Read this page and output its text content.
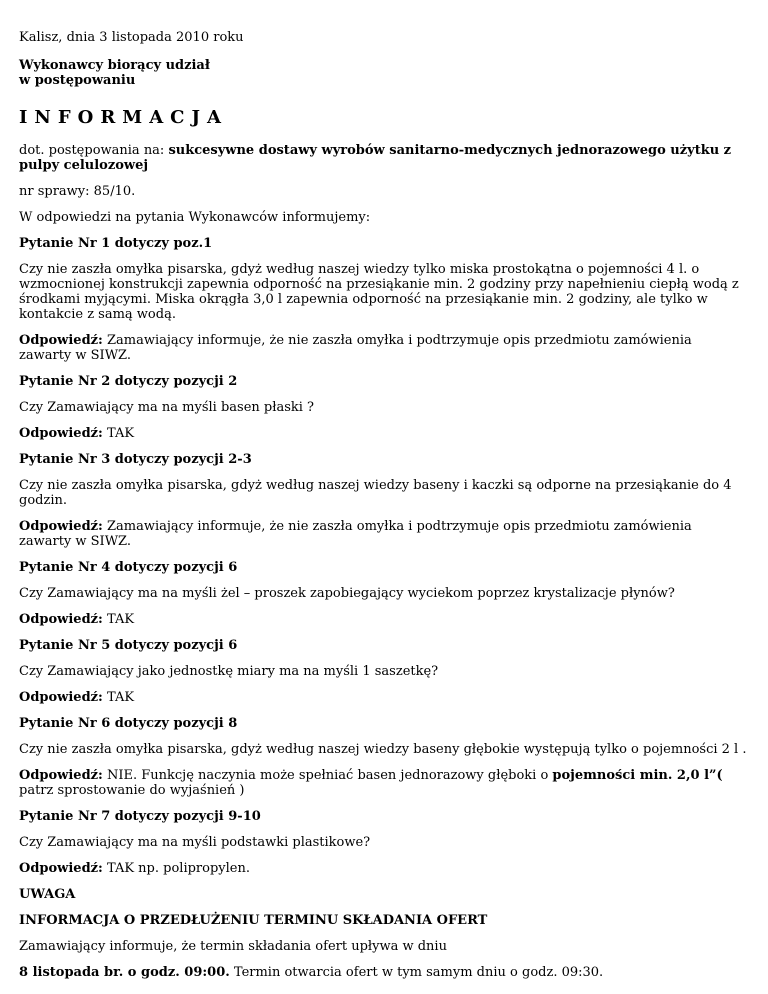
Kalisz, dnia 3 listopada 2010 roku

Wykonawcy biorący udział

w postępowaniu

INFORMACJA

dot. postępowania na: sukcesywne dostawy wyrobów sanitarno-medycznych jednorazowego użytku z pulpy celulozowej

nr sprawy: 85/10.

W odpowiedzi na pytania Wykonawców informujemy:

Pytanie Nr 1 dotyczy poz.1

Czy nie zaszła omyłka pisarska, gdyż według naszej wiedzy tylko miska prostokątna o pojemności 4 l. o wzmocnionej konstrukcji zapewnia odporność na przesiąkanie min. 2 godziny przy napełnieniu ciepłą wodą z środkami myjącymi. Miska okrągła 3,0 l zapewnia odporność na przesiąkanie min. 2 godziny, ale tylko w kontakcie z samą wodą.

Odpowiedź: Zamawiający informuje, że nie zaszła omyłka i podtrzymuje opis przedmiotu zamówienia zawarty w SIWZ.

Pytanie Nr 2 dotyczy pozycji 2

Czy Zamawiający ma na myśli basen płaski ?

Odpowiedź: TAK

Pytanie Nr 3 dotyczy pozycji 2-3

Czy nie zaszła omyłka pisarska, gdyż według naszej wiedzy baseny i kaczki są odporne na przesiąkanie do 4 godzin.

Odpowiedź: Zamawiający informuje, że nie zaszła omyłka i podtrzymuje opis przedmiotu zamówienia zawarty w SIWZ.

Pytanie Nr 4 dotyczy pozycji 6

Czy Zamawiający ma na myśli żel – proszek zapobiegający wyciekom poprzez krystalizacje płynów?

Odpowiedź: TAK

Pytanie Nr 5 dotyczy pozycji 6

Czy Zamawiający jako jednostkę miary ma na myśli 1 saszetkę?

Odpowiedź: TAK

Pytanie Nr 6 dotyczy pozycji 8

Czy nie zaszła omyłka pisarska, gdyż według naszej wiedzy baseny głębokie występują tylko o pojemności 2 l .

Odpowiedź: NIE. Funkcję naczynia może spełniać basen jednorazowy głęboki o pojemności min. 2,0 l”( patrz sprostowanie do wyjaśnień )

Pytanie Nr 7 dotyczy pozycji 9-10

Czy Zamawiający ma na myśli podstawki plastikowe?

Odpowiedź: TAK np. polipropylen.

UWAGA

INFORMACJA O PRZEDŁUŻENIU TERMINU SKŁADANIA OFERT

Zamawiający informuje, że termin składania ofert upływa w dniu

8 listopada br. o godz. 09:00. Termin otwarcia ofert w tym samym dniu o godz. 09:30.
